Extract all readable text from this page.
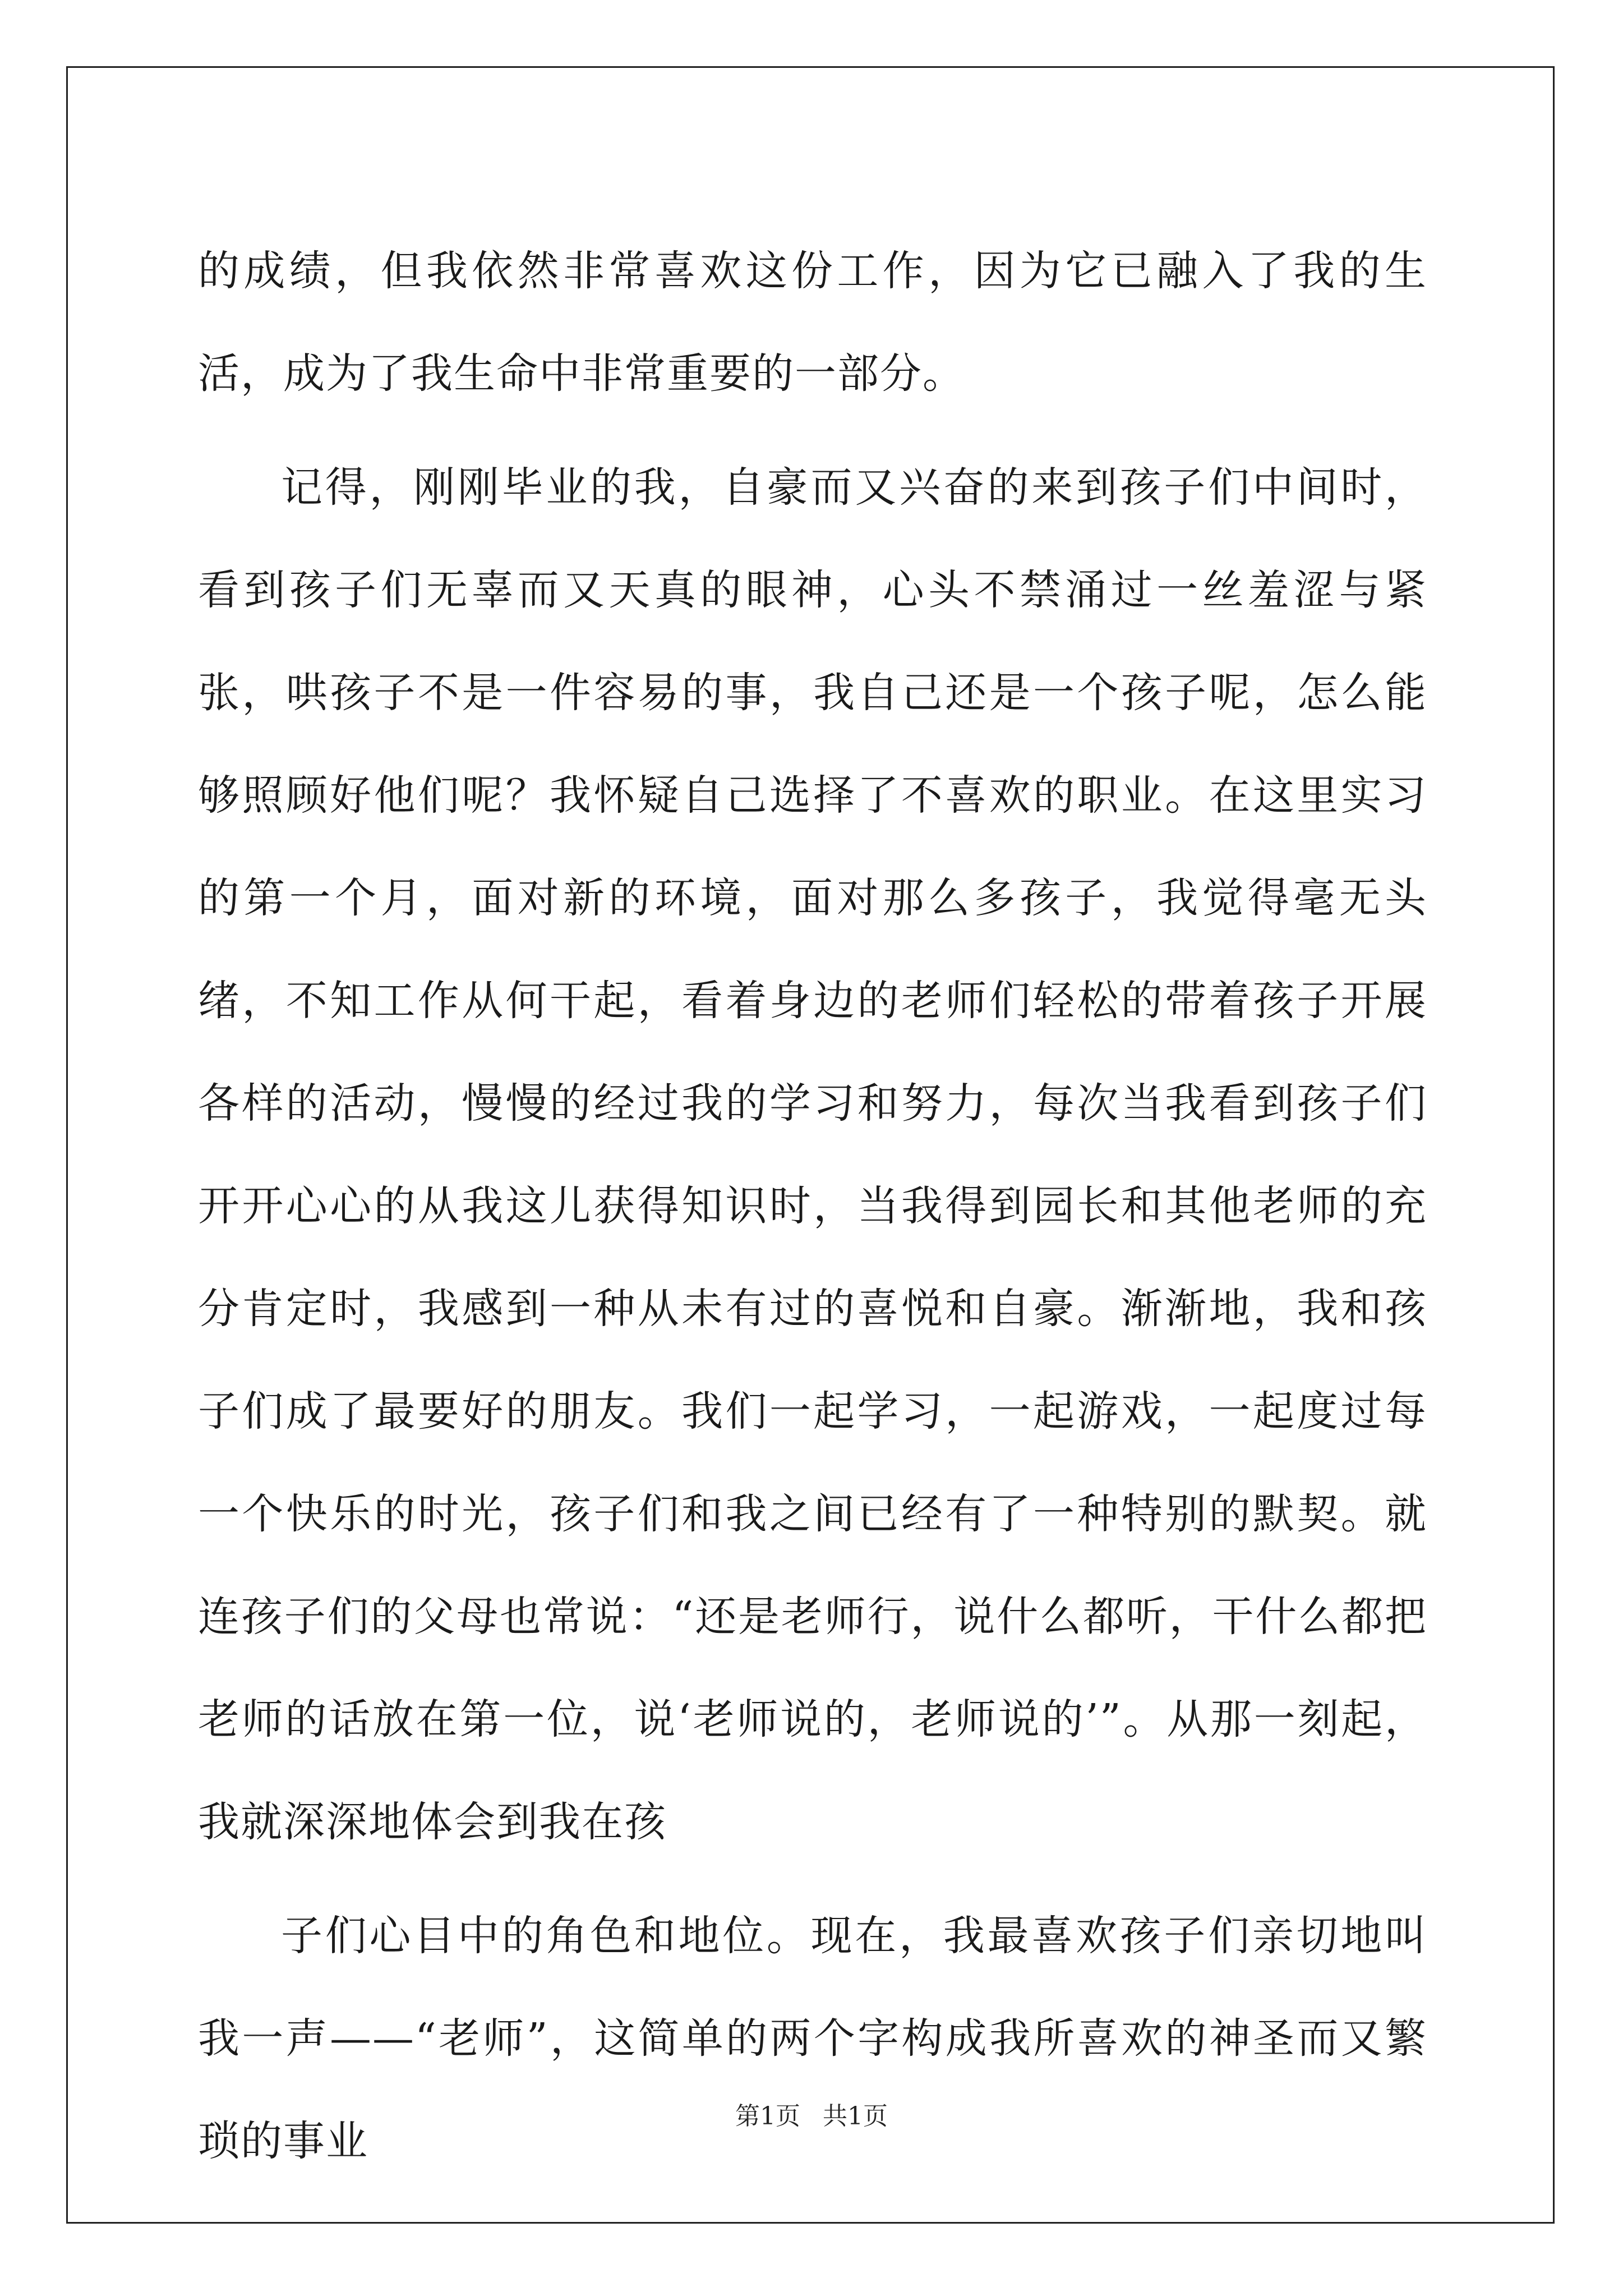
的成绩，但我依然非常喜欢这份工作，因为它已融入了我的生活，成为了我生命中非常重要的一部分。

记得，刚刚毕业的我，自豪而又兴奋的来到孩子们中间时，看到孩子们无辜而又天真的眼神，心头不禁涌过一丝羞涩与紧张，哄孩子不是一件容易的事，我自己还是一个孩子呢，怎么能够照顾好他们呢？我怀疑自己选择了不喜欢的职业。在这里实习的第一个月，面对新的环境，面对那么多孩子，我觉得毫无头绪，不知工作从何干起，看着身边的老师们轻松的带着孩子开展各样的活动，慢慢的经过我的学习和努力，每次当我看到孩子们开开心心的从我这儿获得知识时，当我得到园长和其他老师的充分肯定时，我感到一种从未有过的喜悦和自豪。渐渐地，我和孩子们成了最要好的朋友。我们一起学习，一起游戏，一起度过每一个快乐的时光，孩子们和我之间已经有了一种特别的默契。就连孩子们的父母也常说：“还是老师行，说什么都听，干什么都把老师的话放在第一位，说‘老师说的，老师说的’”。从那一刻起，我就深深地体会到我在孩

子们心目中的角色和地位。现在，我最喜欢孩子们亲切地叫我一声——“老师”，这简单的两个字构成我所喜欢的神圣而又繁琐的事业

第1页 共1页
